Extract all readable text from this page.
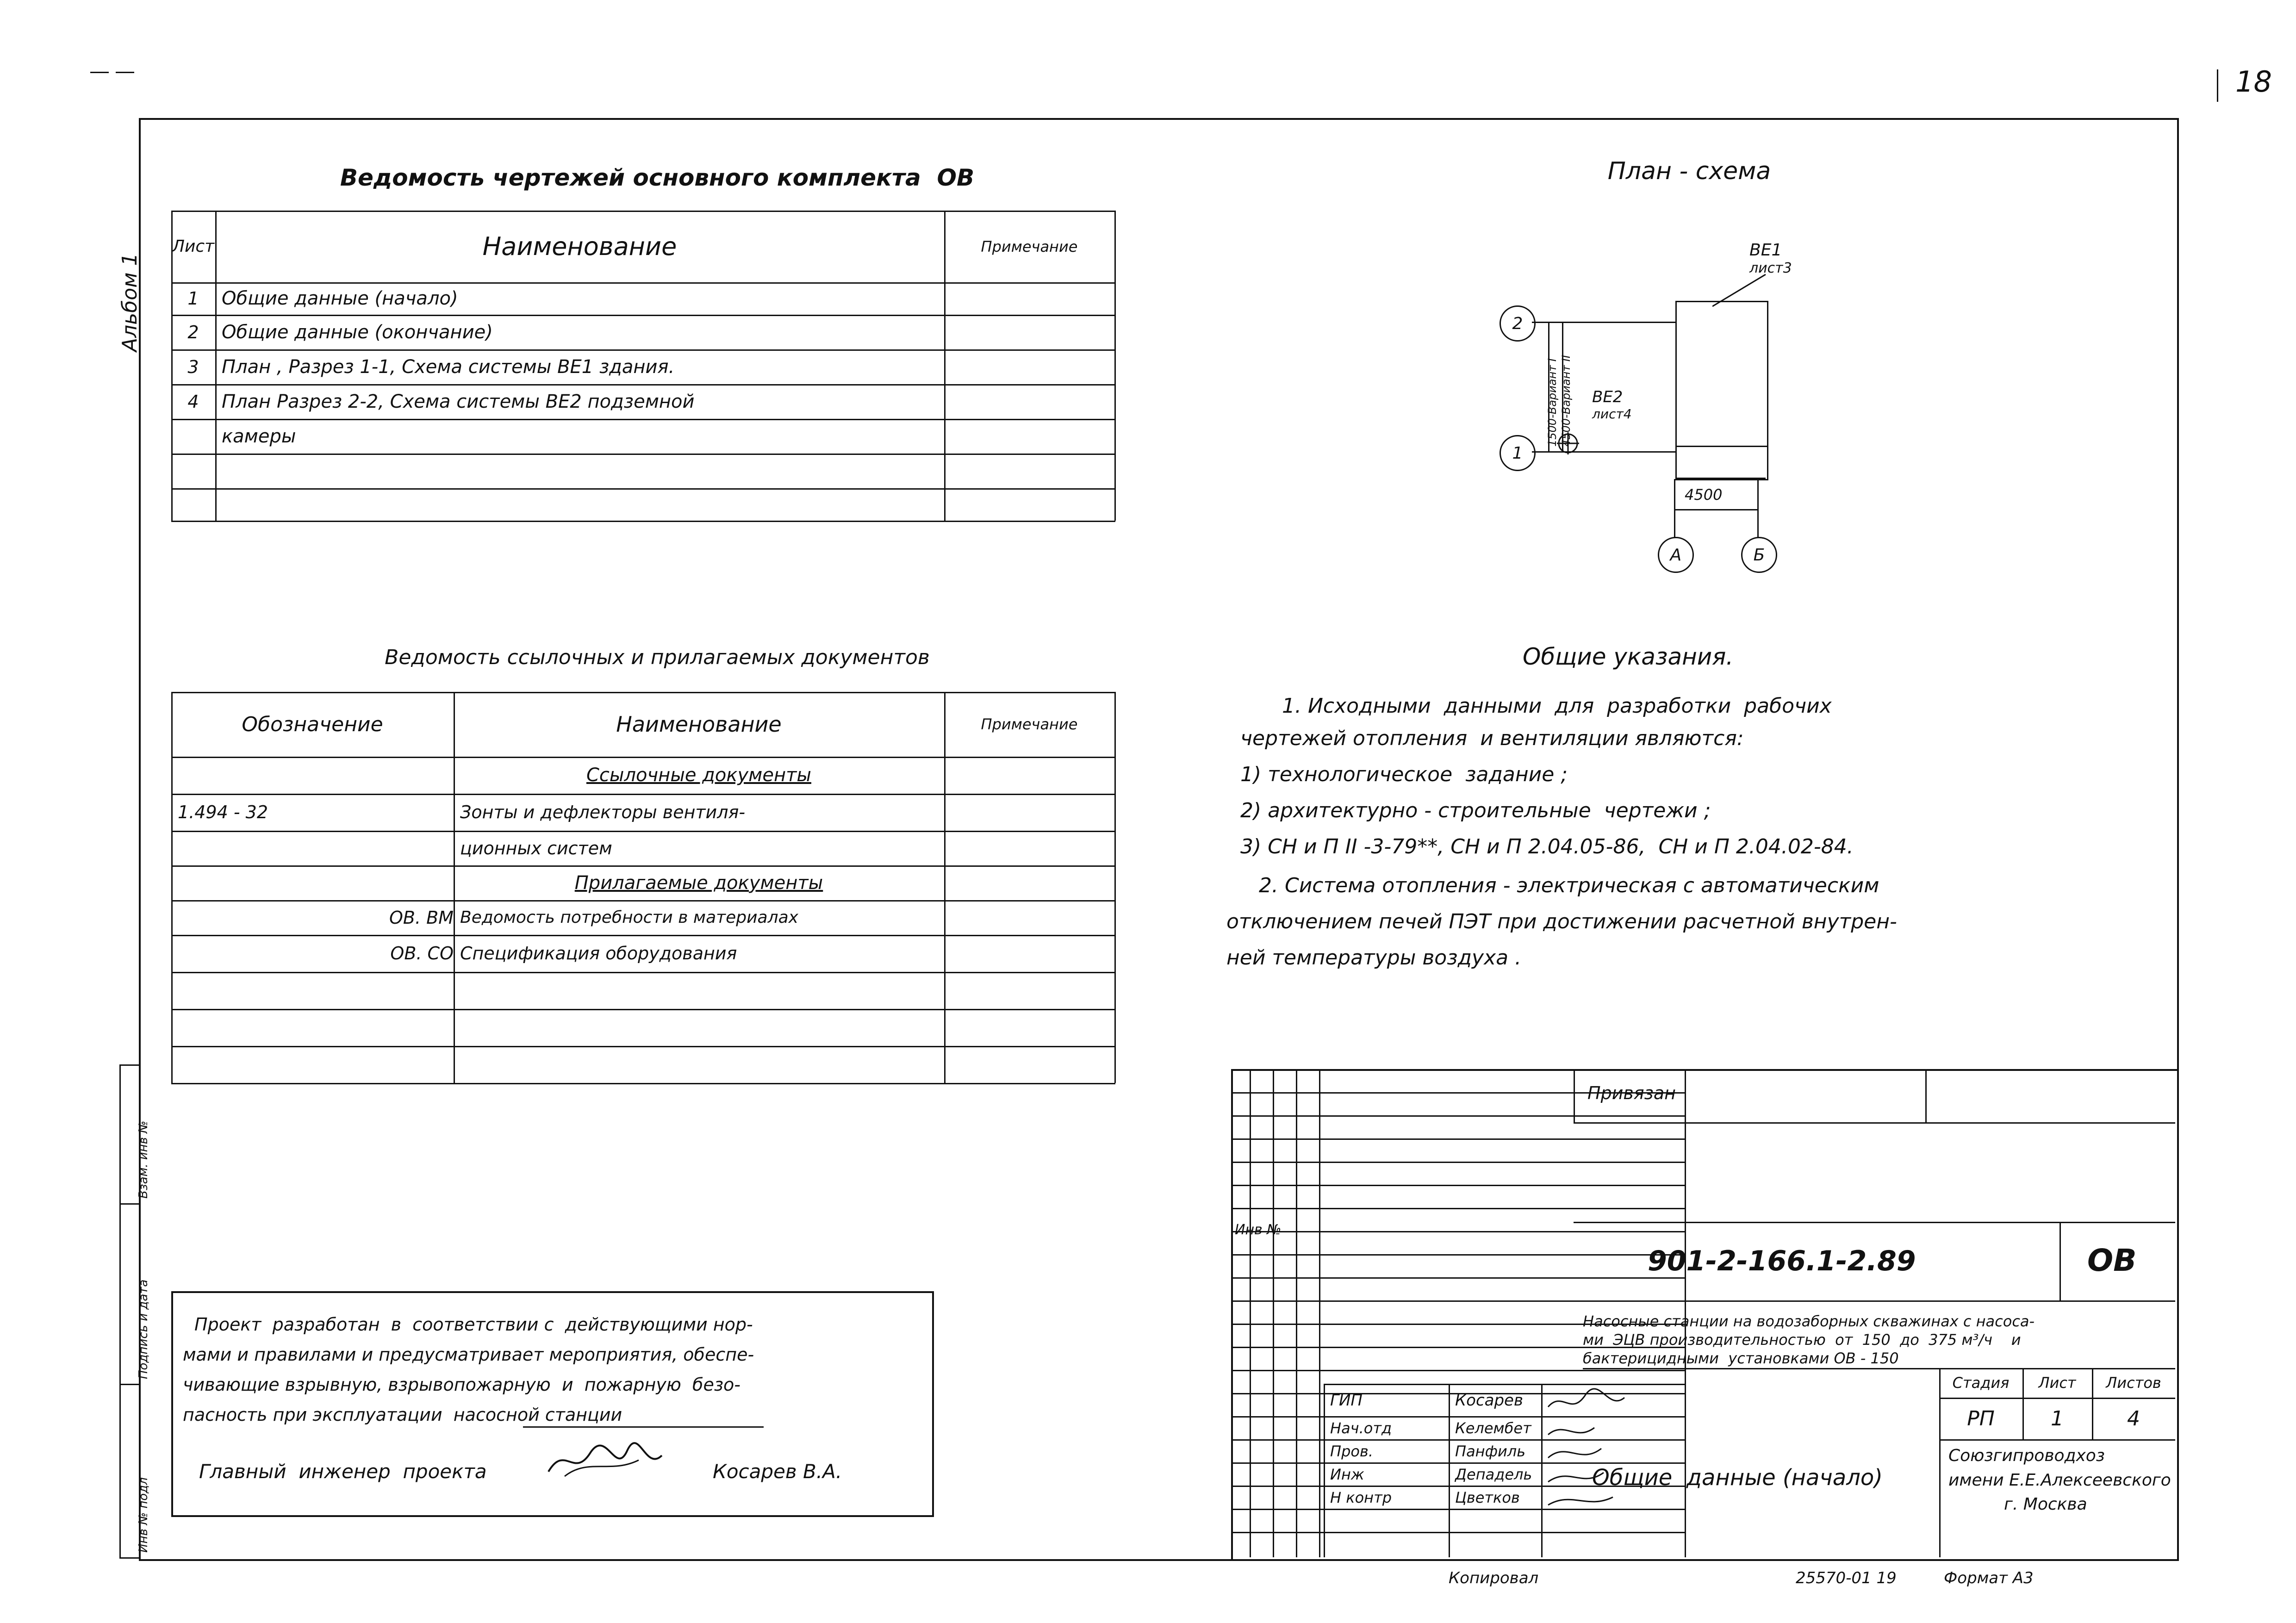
18
Альбом 1
Ведомость чертежей основного комплекта  ОВ
Лист	Наименование	Примечание
1	Общие данные (начало)
2	Общие данные (окончание)
3	План , Разрез 1-1, Схема системы ВЕ1 здания.
4	План Разрез 2-2, Схема системы ВЕ2 подземной
камеры
Ведомость ссылочных и прилагаемых документов
Обозначение	Наименование	Примечание
Ссылочные документы
1.494 - 32	Зонты и дефлекторы вентиля-
ционных систем
Прилагаемые документы
ОВ. ВМ Ведомость потребности в материалах
ОВ. СО Спецификация оборудования
План - схема
ВЕ1
лист3
ВЕ2
лист4
2
1
А	Б
4500
1500-Вариант I 4500-Вариант II
Общие указания.
1. Исходными  данными  для  разработки  рабочих
чертежей отопления  и вентиляции являются:
1) технологическое  задание ;
2) архитектурно - строительные  чертежи ;
3) СН и П II -3-79**, СН и П 2.04.05-86,  СН и П 2.04.02-84.
2. Система отопления - электрическая с автоматическим
отключением печей ПЭТ при достижении расчетной внутрен-
ней температуры воздуха .
Проект  разработан  в  соответствии с  действующими нор-
мами и правилами и предусматривает мероприятия, обеспе-
чивающие взрывную, взрывопожарную  и  пожарную  безо-
пасность при эксплуатации  насосной станции
Главный  инженер  проекта	Косарев В.А.
Взам. инв №
Подпись и дата
Инв № подл
Инв №
Привязан
901-2-166.1-2.89	ОВ
Насосные станции на водозаборных скважинах с насоса-
ми  ЭЦВ производительностью  от  150  до  375 м³/ч    и
бактерицидными  установками ОВ - 150
Стадия	Лист	Листов
РП	1	4
Общие  данные (начало)
Союзгипроводхоз
имени Е.Е.Алексеевского
г. Москва
ГИП	Косарев
Нач.отд	Келембет
Пров.	Панфиль
Инж	Депадель
Н контр	Цветков
Копировал	25570-01 19	Формат А3
